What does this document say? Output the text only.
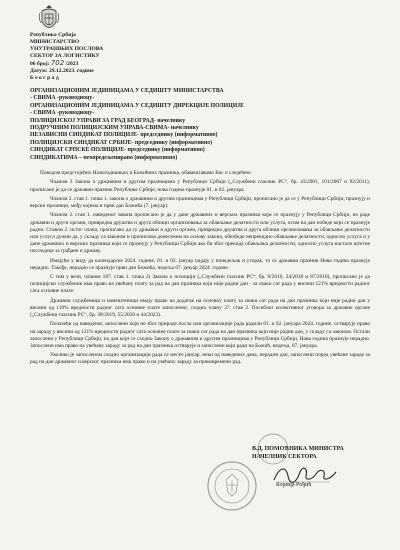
Република Србија
МИНИСТАРСТВО
УНУТРАШЊИХ ПОСЛОВА
СЕКТОР ЗА ЛОГИСТИКУ
06 број: 702 /2023
Датум: 29.12.2023. године
Б е о г р а д
ОРГАНИЗАЦИОНИМ ЈЕДИНИЦАМА У СЕДИШТУ МИНИСТАРСТВА
- СВИМА -руководиоцу-
ОРГАНИЗАЦИОНИМ ЈЕДИНИЦАМА У СЕДИШТУ ДИРЕКЦИЈЕ ПОЛИЦИЈЕ
- СВИМА -руководиоцу-
ПОЛИЦИЈСКОЈ УПРАВИ ЗА ГРАД БЕОГРАД- начелнику
ПОДРУЧНИМ ПОЛИЦИЈСКИМ УПРАВА-СВИМА- начелнику
НЕЗАВИСНИ СИНДИКАТ ПОЛИЦИЈЕ- председнику (информативно)
ПОЛИЦИЈСКИ СИНДИКАТ СРБИЈЕ- председнику (информативно)
СИНДИКАТ СРПСКЕ ПОЛИЦИЈЕ- председнику (информативно)
СИНДИКАТИМА – неопредељенирано (информативно)

Поводом предстојећих Новогодишњих и Божићних празника, обавештавамо Вас о следећем:

Чланом 3 Закона о државним и другим празницима у Републици Србији („Службени гласник РС“, бр. 43/2001, 101/2007 и 92/2011), прописано је да се државни празник Републике Србије, нова година празнује 01. и 02. јануара.

Чланом 2. став 1. тачка 1. закона о државним и другим празницима у Републици Србији, прописано је да се у Републици Србији, празнују и верски празници, међу којима и први дан Божића (7. јануар).

Чланом 3. став 1. наведеног закона прописано је да у дане државних и верских празника који се празнују у Републици Србији, не раде државни и други органи, привредна друштва и друга облици организовања за обављање делатности или услуга, осим на дан победе који се празнује радно. Ставом 2. истог члана, прописано да су државни и други органи, привредна друштва и друга облици организовања за обављање делатности или услуга дужни да, у складу са законом и прописима донесеним на основу закона, обезбеде непрекидно обављање делатности, односно услуга и у дане државних и верских празника који се празнују у Републици Србији ако би због прекида обављања делатности, односно услуга настале штетне последице за грађане и државу.

Имајући у виду да календарске 2024. године, 01. и 02. јануар падају у понедељак и уторак, то се државни празник Нова година празнује нерадно. Такође, нерадно се празнује први дан Божића, недеља 07. јануар 2024. године.

С тим у вези, чланом 187. став 1. тачка 2) Закона о полицији („Службени гласник РС“, бр. 6/2016, 24/2018 и 87/2018), прописано је да полицијски службеник има право на увећану плату за рад на дан празника који није радни дан - за сваки сат рада у висини 121% вредности радног сата основне плате.

Државни службеници и намештеници имају право на додатак на основну плату за сваки сат рада на дан празника који није радни дан у висини од 110% вредности радног сата основне плате запосленог, сходно члану 37. став 2. Посебног колективног уговора за државне органе („Службени гласник РС“, бр. 38/2019, 55/2020 и 44/2023).

Полазећи од наведеног, запослени који не због природе посла или организације рада радили 01. и 02. јануара 2024. године, остварује право на зараду у висини од 121% вредности радног сата основне плате за сваки сат рада на дан празника који није радни дан, у складу са законом. Остали запослени у Републици Србији, на дан који се сходно Закону о државним и другим празницима у Републици Србији, Нова година празнује нерадно. Запослени има право на увећану зараду за рад на дан празника остварује и запослени који ради на Божић, недеља, 07. јануара.

Уколико је запосленом сходно организацији рада се месеч јануар, неки од наведених дана, нерадни дан, запослени поред увећане зараде за рад на дан државног и верског празника има право и на увећану зараду за прековремени рад.

В.Д. ПОМОЋНИКА МИНИСТРА
НАЧЕЛНИК СЕКТОРА
Борица Рођић
